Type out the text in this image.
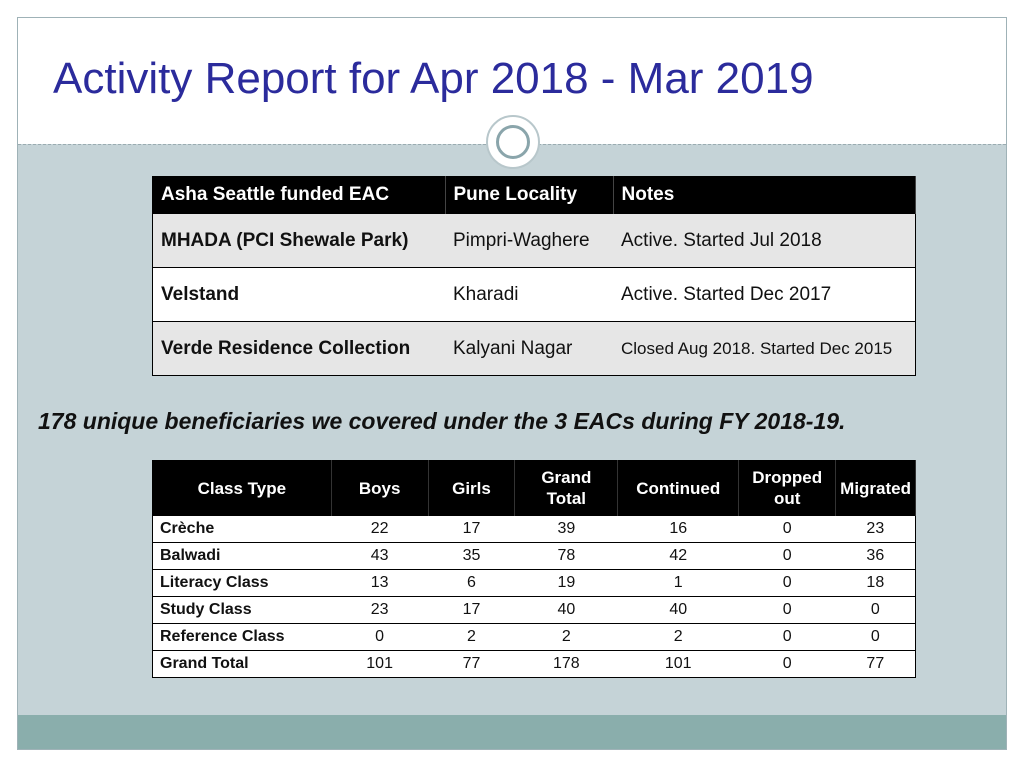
Activity Report for Apr 2018 - Mar 2019
Asha Seattle funded EAC	Pune Locality	Notes
MHADA (PCI Shewale Park)	Pimpri-Waghere	Active. Started Jul 2018
Velstand	Kharadi	Active. Started Dec 2017
Verde Residence Collection	Kalyani Nagar	Closed Aug 2018. Started Dec 2015
178 unique beneficiaries we covered under the 3 EACs during FY 2018-19.
Class Type	Boys	Girls	Grand Total	Continued	Dropped out	Migrated
Crèche	22	17	39	16	0	23
Balwadi	43	35	78	42	0	36
Literacy Class	13	6	19	1	0	18
Study Class	23	17	40	40	0	0
Reference Class	0	2	2	2	0	0
Grand Total	101	77	178	101	0	77
